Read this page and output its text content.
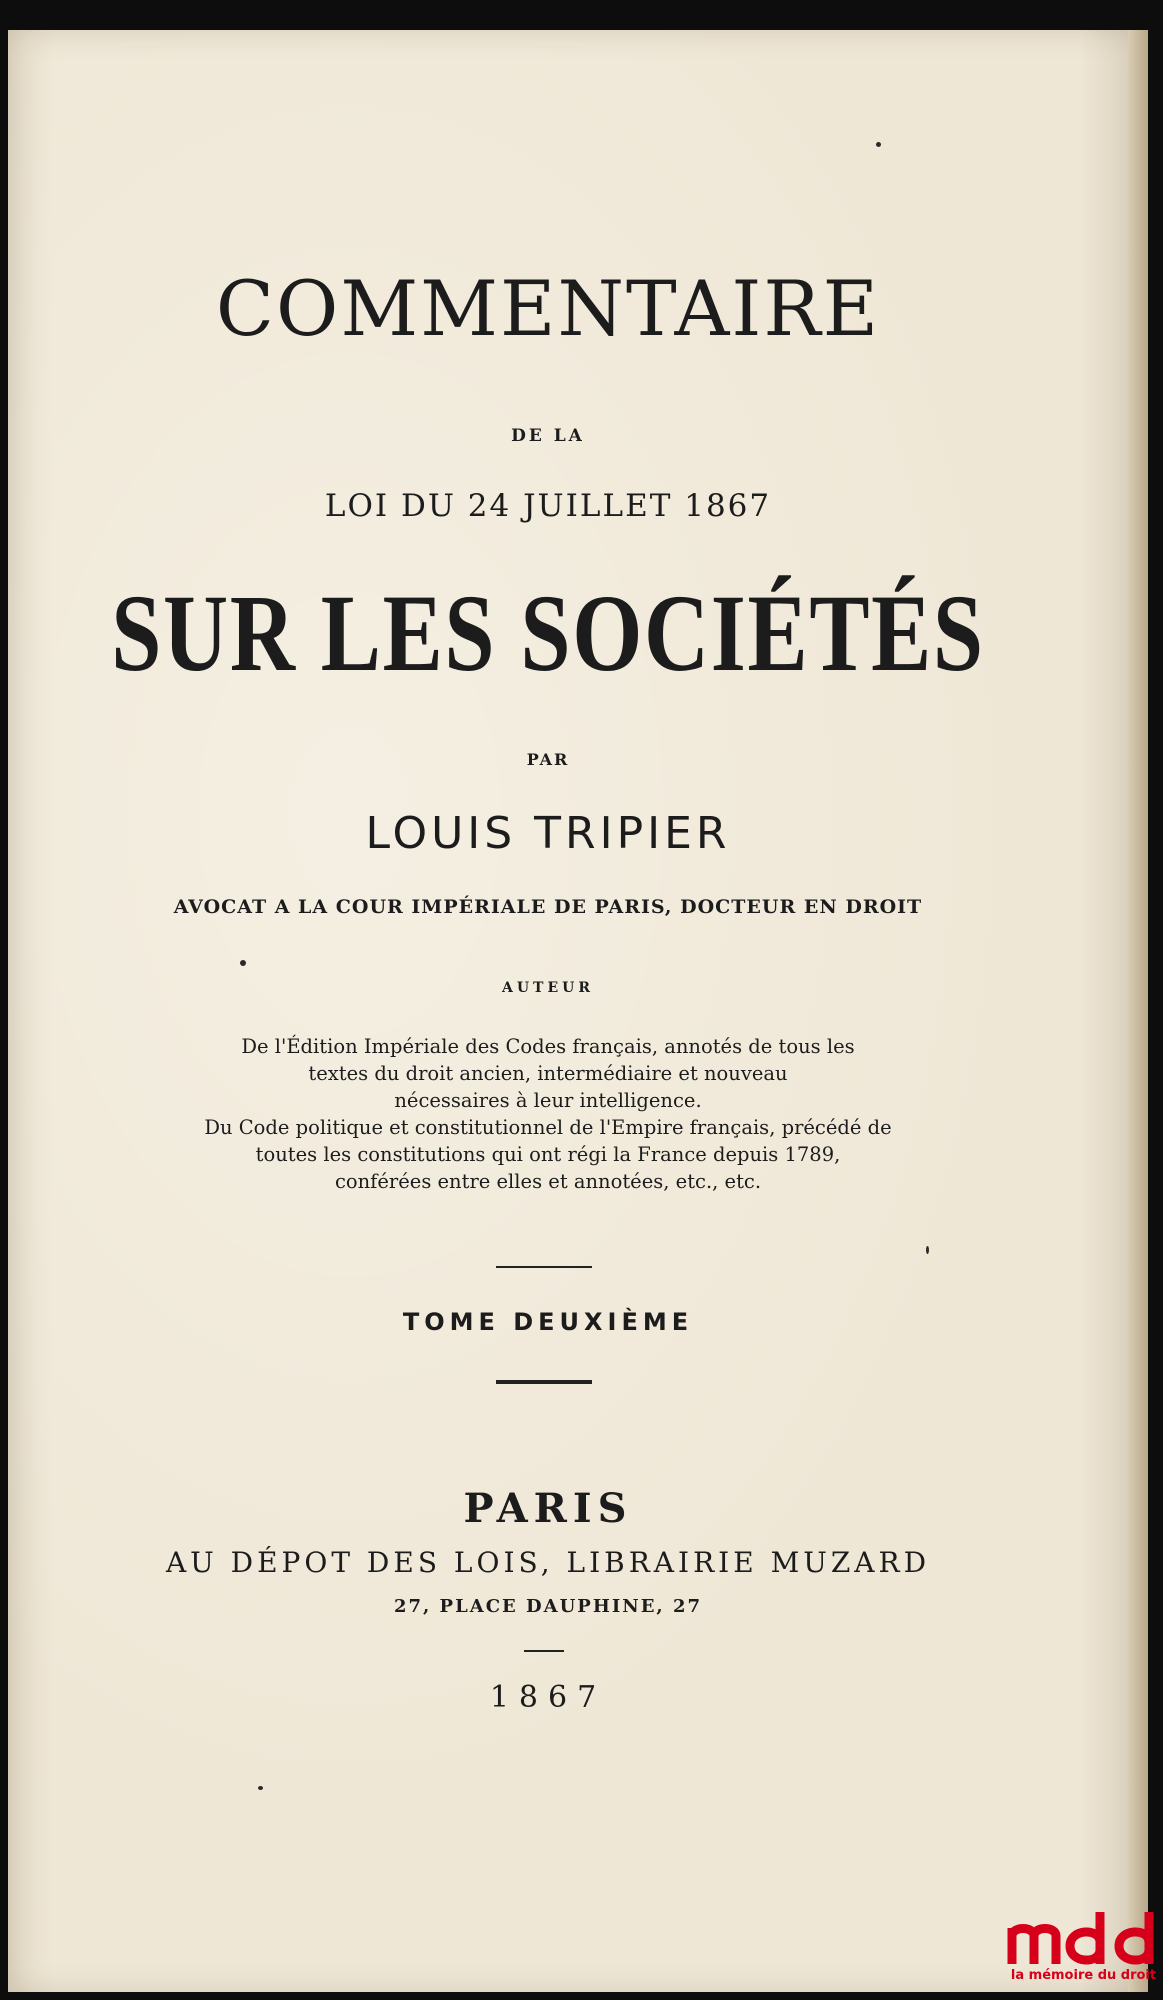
COMMENTAIRE

DE LA

LOI DU 24 JUILLET 1867

SUR LES SOCIÉTÉS

PAR

LOUIS TRIPIER

AVOCAT A LA COUR IMPÉRIALE DE PARIS, DOCTEUR EN DROIT

AUTEUR

De l'Édition Impériale des Codes français, annotés de tous les
textes du droit ancien, intermédiaire et nouveau
nécessaires à leur intelligence.
Du Code politique et constitutionnel de l'Empire français, précédé de
toutes les constitutions qui ont régi la France depuis 1789,
conférées entre elles et annotées, etc., etc.

TOME DEUXIÈME

PARIS

AU DÉPOT DES LOIS, LIBRAIRIE MUZARD

27, PLACE DAUPHINE, 27

1867

la mémoire du droit
